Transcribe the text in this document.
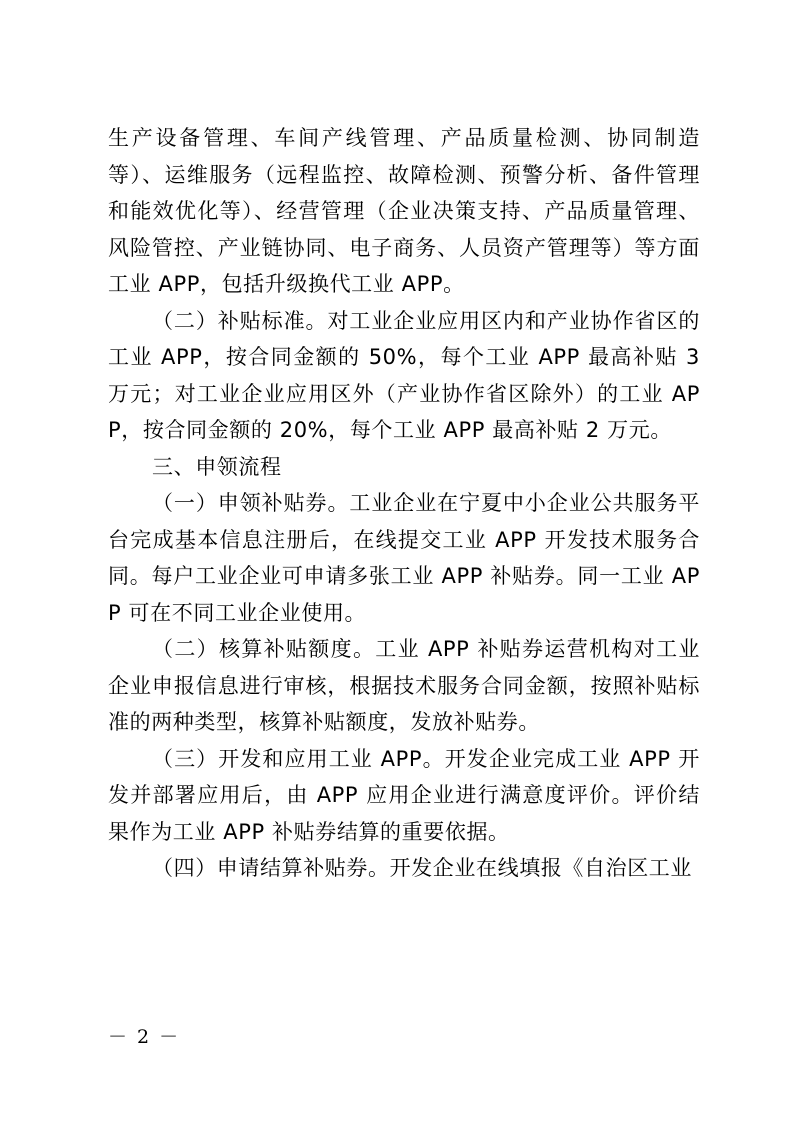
生产设备管理、车间产线管理、产品质量检测、协同制造等）、运维服务（远程监控、故障检测、预警分析、备件管理和能效优化等）、经营管理（企业决策支持、产品质量管理、风险管控、产业链协同、电子商务、人员资产管理等）等方面工业 APP，包括升级换代工业 APP。

（二）补贴标准。对工业企业应用区内和产业协作省区的工业 APP，按合同金额的 50%，每个工业 APP 最高补贴 3 万元；对工业企业应用区外（产业协作省区除外）的工业 APP，按合同金额的 20%，每个工业 APP 最高补贴 2 万元。

三、申领流程

（一）申领补贴券。工业企业在宁夏中小企业公共服务平台完成基本信息注册后，在线提交工业 APP 开发技术服务合同。每户工业企业可申请多张工业 APP 补贴券。同一工业 APP 可在不同工业企业使用。

（二）核算补贴额度。工业 APP 补贴券运营机构对工业企业申报信息进行审核，根据技术服务合同金额，按照补贴标准的两种类型，核算补贴额度，发放补贴券。

（三）开发和应用工业 APP。开发企业完成工业 APP 开发并部署应用后，由 APP 应用企业进行满意度评价。评价结果作为工业 APP 补贴券结算的重要依据。

（四）申请结算补贴券。开发企业在线填报《自治区工业

－ 2 －
